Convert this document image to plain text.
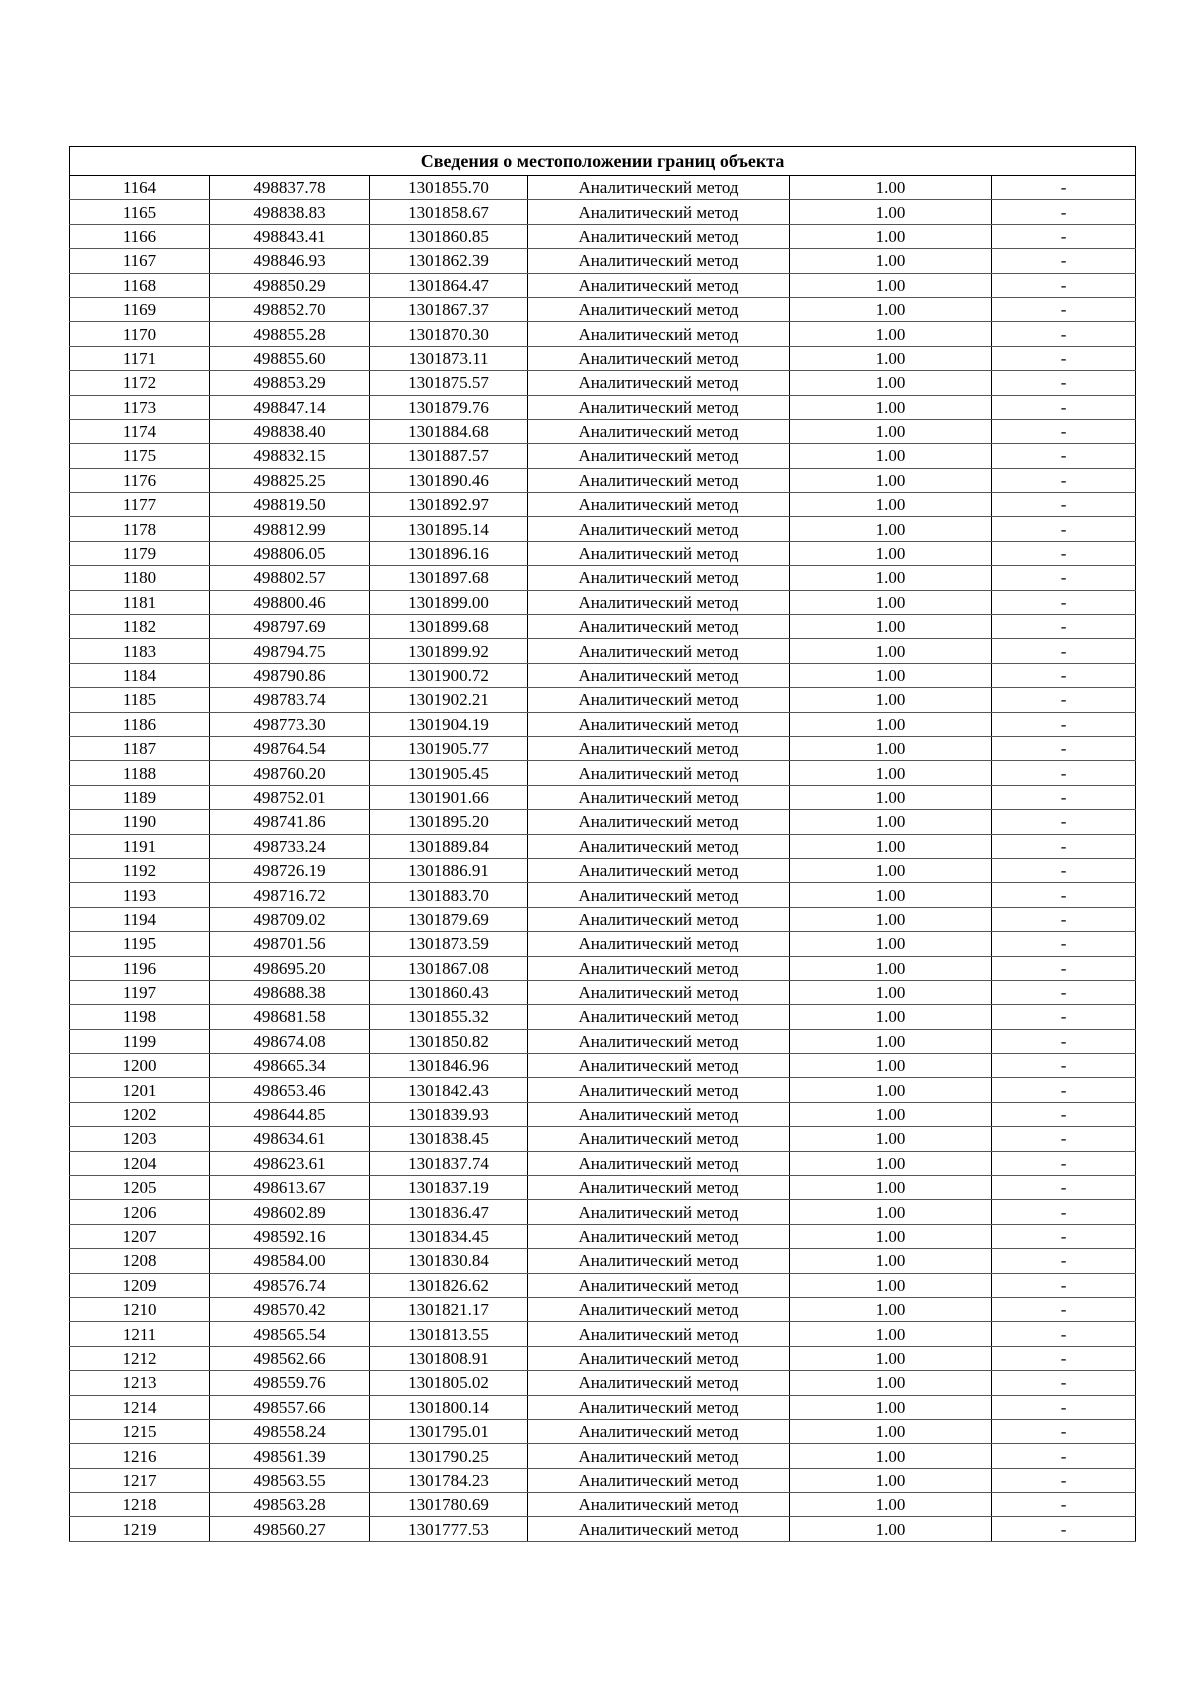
Сведения о местоположении границ объекта					
1164	498837.78	1301855.70	Аналитический метод	1.00	-
1165	498838.83	1301858.67	Аналитический метод	1.00	-
1166	498843.41	1301860.85	Аналитический метод	1.00	-
1167	498846.93	1301862.39	Аналитический метод	1.00	-
1168	498850.29	1301864.47	Аналитический метод	1.00	-
1169	498852.70	1301867.37	Аналитический метод	1.00	-
1170	498855.28	1301870.30	Аналитический метод	1.00	-
1171	498855.60	1301873.11	Аналитический метод	1.00	-
1172	498853.29	1301875.57	Аналитический метод	1.00	-
1173	498847.14	1301879.76	Аналитический метод	1.00	-
1174	498838.40	1301884.68	Аналитический метод	1.00	-
1175	498832.15	1301887.57	Аналитический метод	1.00	-
1176	498825.25	1301890.46	Аналитический метод	1.00	-
1177	498819.50	1301892.97	Аналитический метод	1.00	-
1178	498812.99	1301895.14	Аналитический метод	1.00	-
1179	498806.05	1301896.16	Аналитический метод	1.00	-
1180	498802.57	1301897.68	Аналитический метод	1.00	-
1181	498800.46	1301899.00	Аналитический метод	1.00	-
1182	498797.69	1301899.68	Аналитический метод	1.00	-
1183	498794.75	1301899.92	Аналитический метод	1.00	-
1184	498790.86	1301900.72	Аналитический метод	1.00	-
1185	498783.74	1301902.21	Аналитический метод	1.00	-
1186	498773.30	1301904.19	Аналитический метод	1.00	-
1187	498764.54	1301905.77	Аналитический метод	1.00	-
1188	498760.20	1301905.45	Аналитический метод	1.00	-
1189	498752.01	1301901.66	Аналитический метод	1.00	-
1190	498741.86	1301895.20	Аналитический метод	1.00	-
1191	498733.24	1301889.84	Аналитический метод	1.00	-
1192	498726.19	1301886.91	Аналитический метод	1.00	-
1193	498716.72	1301883.70	Аналитический метод	1.00	-
1194	498709.02	1301879.69	Аналитический метод	1.00	-
1195	498701.56	1301873.59	Аналитический метод	1.00	-
1196	498695.20	1301867.08	Аналитический метод	1.00	-
1197	498688.38	1301860.43	Аналитический метод	1.00	-
1198	498681.58	1301855.32	Аналитический метод	1.00	-
1199	498674.08	1301850.82	Аналитический метод	1.00	-
1200	498665.34	1301846.96	Аналитический метод	1.00	-
1201	498653.46	1301842.43	Аналитический метод	1.00	-
1202	498644.85	1301839.93	Аналитический метод	1.00	-
1203	498634.61	1301838.45	Аналитический метод	1.00	-
1204	498623.61	1301837.74	Аналитический метод	1.00	-
1205	498613.67	1301837.19	Аналитический метод	1.00	-
1206	498602.89	1301836.47	Аналитический метод	1.00	-
1207	498592.16	1301834.45	Аналитический метод	1.00	-
1208	498584.00	1301830.84	Аналитический метод	1.00	-
1209	498576.74	1301826.62	Аналитический метод	1.00	-
1210	498570.42	1301821.17	Аналитический метод	1.00	-
1211	498565.54	1301813.55	Аналитический метод	1.00	-
1212	498562.66	1301808.91	Аналитический метод	1.00	-
1213	498559.76	1301805.02	Аналитический метод	1.00	-
1214	498557.66	1301800.14	Аналитический метод	1.00	-
1215	498558.24	1301795.01	Аналитический метод	1.00	-
1216	498561.39	1301790.25	Аналитический метод	1.00	-
1217	498563.55	1301784.23	Аналитический метод	1.00	-
1218	498563.28	1301780.69	Аналитический метод	1.00	-
1219	498560.27	1301777.53	Аналитический метод	1.00	-
